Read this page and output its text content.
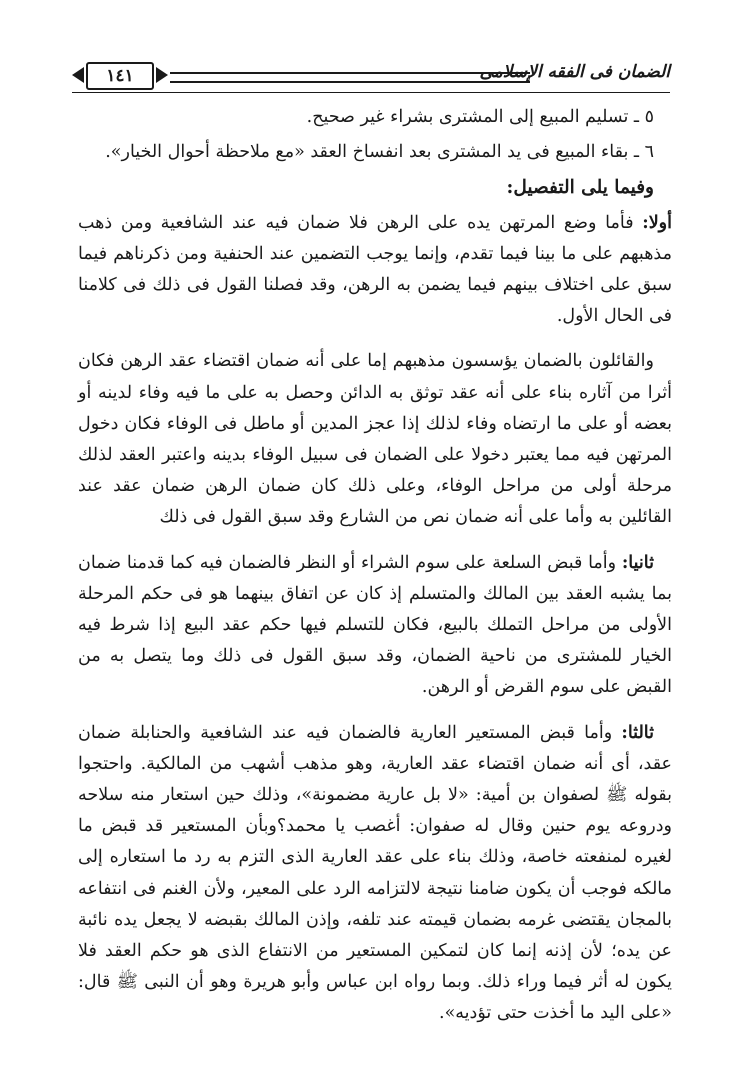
١٤١	الضمان فى الفقه الإسلامى

٥ ـ تسليم المبيع إلى المشترى بشراء غير صحيح.

٦ ـ بقاء المبيع فى يد المشترى بعد انفساخ العقد «مع ملاحظة أحوال الخيار».

وفيما يلى التفصيل:

أولا: فأما وضع المرتهن يده على الرهن فلا ضمان فيه عند الشافعية ومن ذهب مذهبهم على ما بينا فيما تقدم، وإنما يوجب التضمين عند الحنفية ومن ذكرناهم فيما سبق على اختلاف بينهم فيما يضمن به الرهن، وقد فصلنا القول فى ذلك فى كلامنا فى الحال الأول.

والقائلون بالضمان يؤسسون مذهبهم إما على أنه ضمان اقتضاء عقد الرهن فكان أثرا من آثاره بناء على أنه عقد توثق به الدائن وحصل به على ما فيه وفاء لدينه أو بعضه أو على ما ارتضاه وفاء لذلك إذا عجز المدين أو ماطل فى الوفاء فكان دخول المرتهن فيه مما يعتبر دخولا على الضمان فى سبيل الوفاء بدينه واعتبر العقد لذلك مرحلة أولى من مراحل الوفاء، وعلى ذلك كان ضمان الرهن ضمان عقد عند القائلين به وأما على أنه ضمان نص من الشارع وقد سبق القول فى ذلك

ثانيا: وأما قبض السلعة على سوم الشراء أو النظر فالضمان فيه كما قدمنا ضمان بما يشبه العقد بين المالك والمتسلم إذ كان عن اتفاق بينهما هو فى حكم المرحلة الأولى من مراحل التملك بالبيع، فكان للتسلم فيها حكم عقد البيع إذا شرط فيه الخيار للمشترى من ناحية الضمان، وقد سبق القول فى ذلك وما يتصل به من القبض على سوم القرض أو الرهن.

ثالثا: وأما قبض المستعير العارية فالضمان فيه عند الشافعية والحنابلة ضمان عقد، أى أنه ضمان اقتضاء عقد العارية، وهو مذهب أشهب من المالكية. واحتجوا بقوله ﷺ لصفوان بن أمية: «لا بل عارية مضمونة»، وذلك حين استعار منه سلاحه ودروعه يوم حنين وقال له صفوان: أغصب يا محمد؟وبأن المستعير قد قبض ما لغيره لمنفعته خاصة، وذلك بناء على عقد العارية الذى التزم به رد ما استعاره إلى مالكه فوجب أن يكون ضامنا نتيجة لالتزامه الرد على المعير، ولأن الغنم فى انتفاعه بالمجان يقتضى غرمه بضمان قيمته عند تلفه، وإذن المالك بقبضه لا يجعل يده نائبة عن يده؛ لأن إذنه إنما كان لتمكين المستعير من الانتفاع الذى هو حكم العقد فلا يكون له أثر فيما وراء ذلك. وبما رواه ابن عباس وأبو هريرة وهو أن النبى ﷺ قال: «على اليد ما أخذت حتى تؤديه».
